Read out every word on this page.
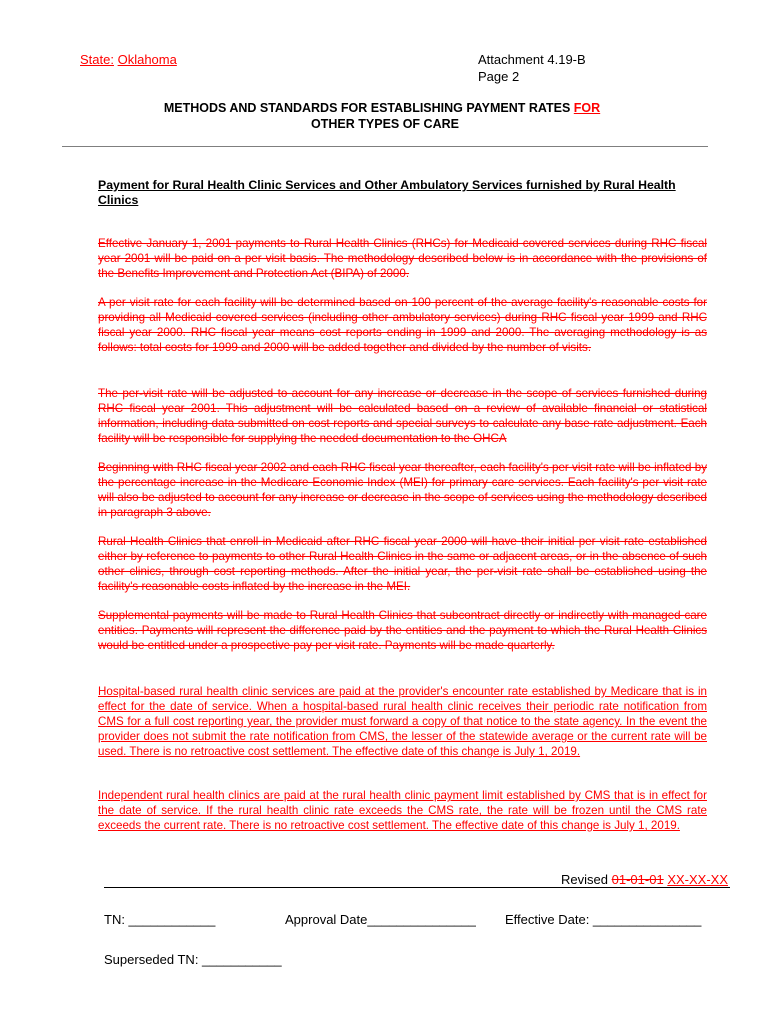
State: Oklahoma	Attachment 4.19-B
Page 2
METHODS AND STANDARDS FOR ESTABLISHING PAYMENT RATES FOR
OTHER TYPES OF CARE
Payment for Rural Health Clinic Services and Other Ambulatory Services furnished by Rural Health Clinics
Effective January 1, 2001 payments to Rural Health Clinics (RHCs) for Medicaid covered services during RHC fiscal year 2001 will be paid on a per visit basis. The methodology described below is in accordance with the provisions of the Benefits Improvement and Protection Act (BIPA) of 2000.
A per visit rate for each facility will be determined based on 100 percent of the average facility's reasonable costs for providing all Medicaid covered services (including other ambulatory services) during RHC fiscal year 1999 and RHC fiscal year 2000. RHC fiscal year means cost reports ending in 1999 and 2000. The averaging methodology is as follows: total costs for 1999 and 2000 will be added together and divided by the number of visits.
The per-visit rate will be adjusted to account for any increase or decrease in the scope of services furnished during RHC fiscal year 2001. This adjustment will be calculated based on a review of available financial or statistical information, including data submitted on cost reports and special surveys to calculate any base rate adjustment. Each facility will be responsible for supplying the needed documentation to the OHCA
Beginning with RHC fiscal year 2002 and each RHC fiscal year thereafter, each facility's per visit rate will be inflated by the percentage increase in the Medicare Economic Index (MEI) for primary care services. Each facility's per visit rate will also be adjusted to account for any increase or decrease in the scope of services using the methodology described in paragraph 3 above.
Rural Health Clinics that enroll in Medicaid after RHC fiscal year 2000 will have their initial per visit rate established either by reference to payments to other Rural Health Clinics in the same or adjacent areas, or in the absence of such other clinics, through cost reporting methods. After the initial year, the per-visit rate shall be established using the facility's reasonable costs inflated by the increase in the MEI.
Supplemental payments will be made to Rural Health Clinics that subcontract directly or indirectly with managed care entities. Payments will represent the difference paid by the entities and the payment to which the Rural Health Clinics would be entitled under a prospective pay per visit rate. Payments will be made quarterly.
Hospital-based rural health clinic services are paid at the provider's encounter rate established by Medicare that is in effect for the date of service. When a hospital-based rural health clinic receives their periodic rate notification from CMS for a full cost reporting year, the provider must forward a copy of that notice to the state agency. In the event the provider does not submit the rate notification from CMS, the lesser of the statewide average or the current rate will be used. There is no retroactive cost settlement. The effective date of this change is July 1, 2019.
Independent rural health clinics are paid at the rural health clinic payment limit established by CMS that is in effect for the date of service. If the rural health clinic rate exceeds the CMS rate, the rate will be frozen until the CMS rate exceeds the current rate. There is no retroactive cost settlement. The effective date of this change is July 1, 2019.
Revised 01-01-01 XX-XX-XX
TN: ____________	Approval Date_______________ Effective Date: _______________
Superseded TN: ___________
